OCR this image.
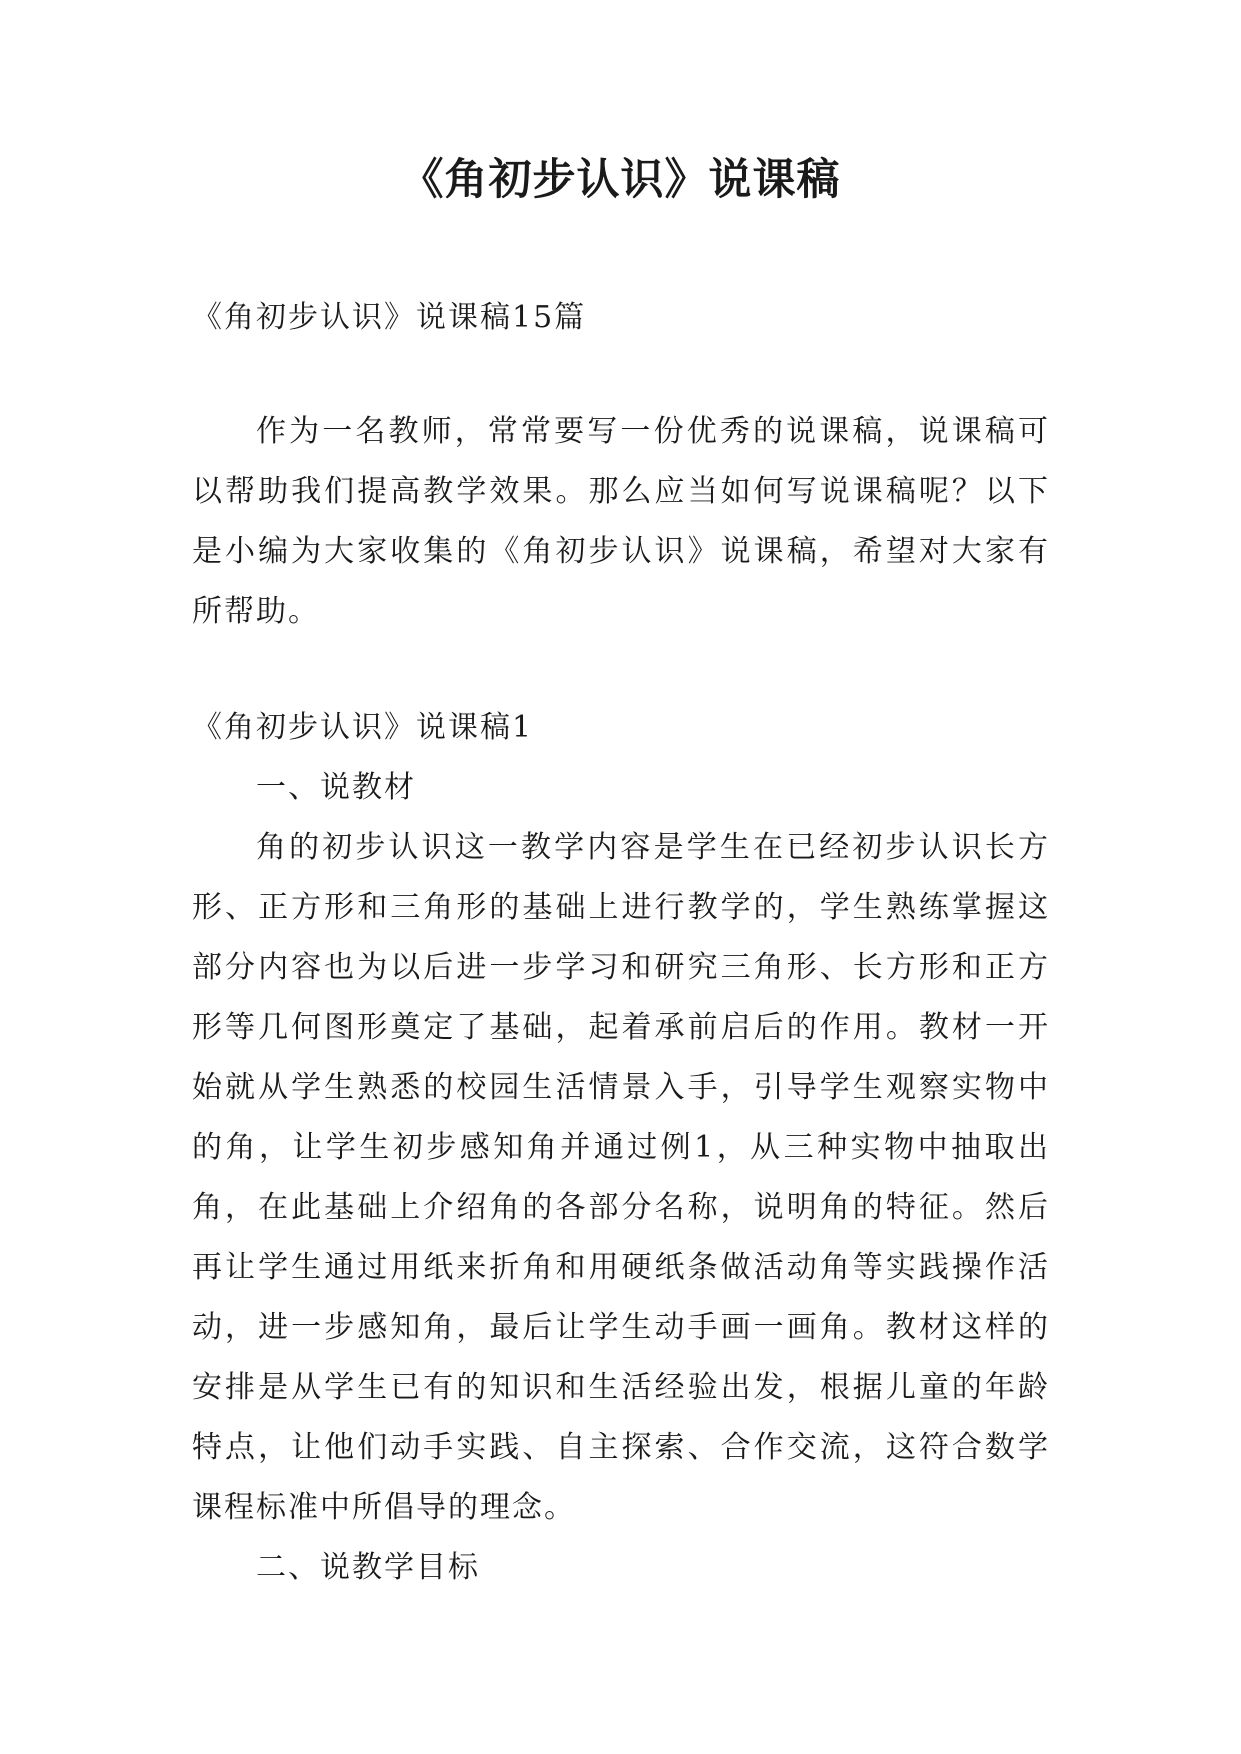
《角初步认识》说课稿

《角初步认识》说课稿15篇

作为一名教师，常常要写一份优秀的说课稿，说课稿可以帮助我们提高教学效果。那么应当如何写说课稿呢？以下是小编为大家收集的《角初步认识》说课稿，希望对大家有所帮助。

《角初步认识》说课稿1

一、说教材

角的初步认识这一教学内容是学生在已经初步认识长方形、正方形和三角形的基础上进行教学的，学生熟练掌握这部分内容也为以后进一步学习和研究三角形、长方形和正方形等几何图形奠定了基础，起着承前启后的作用。教材一开始就从学生熟悉的校园生活情景入手，引导学生观察实物中的角，让学生初步感知角并通过例1，从三种实物中抽取出角，在此基础上介绍角的各部分名称，说明角的特征。然后再让学生通过用纸来折角和用硬纸条做活动角等实践操作活动，进一步感知角，最后让学生动手画一画角。教材这样的安排是从学生已有的知识和生活经验出发，根据儿童的年龄特点，让他们动手实践、自主探索、合作交流，这符合数学课程标准中所倡导的理念。

二、说教学目标
